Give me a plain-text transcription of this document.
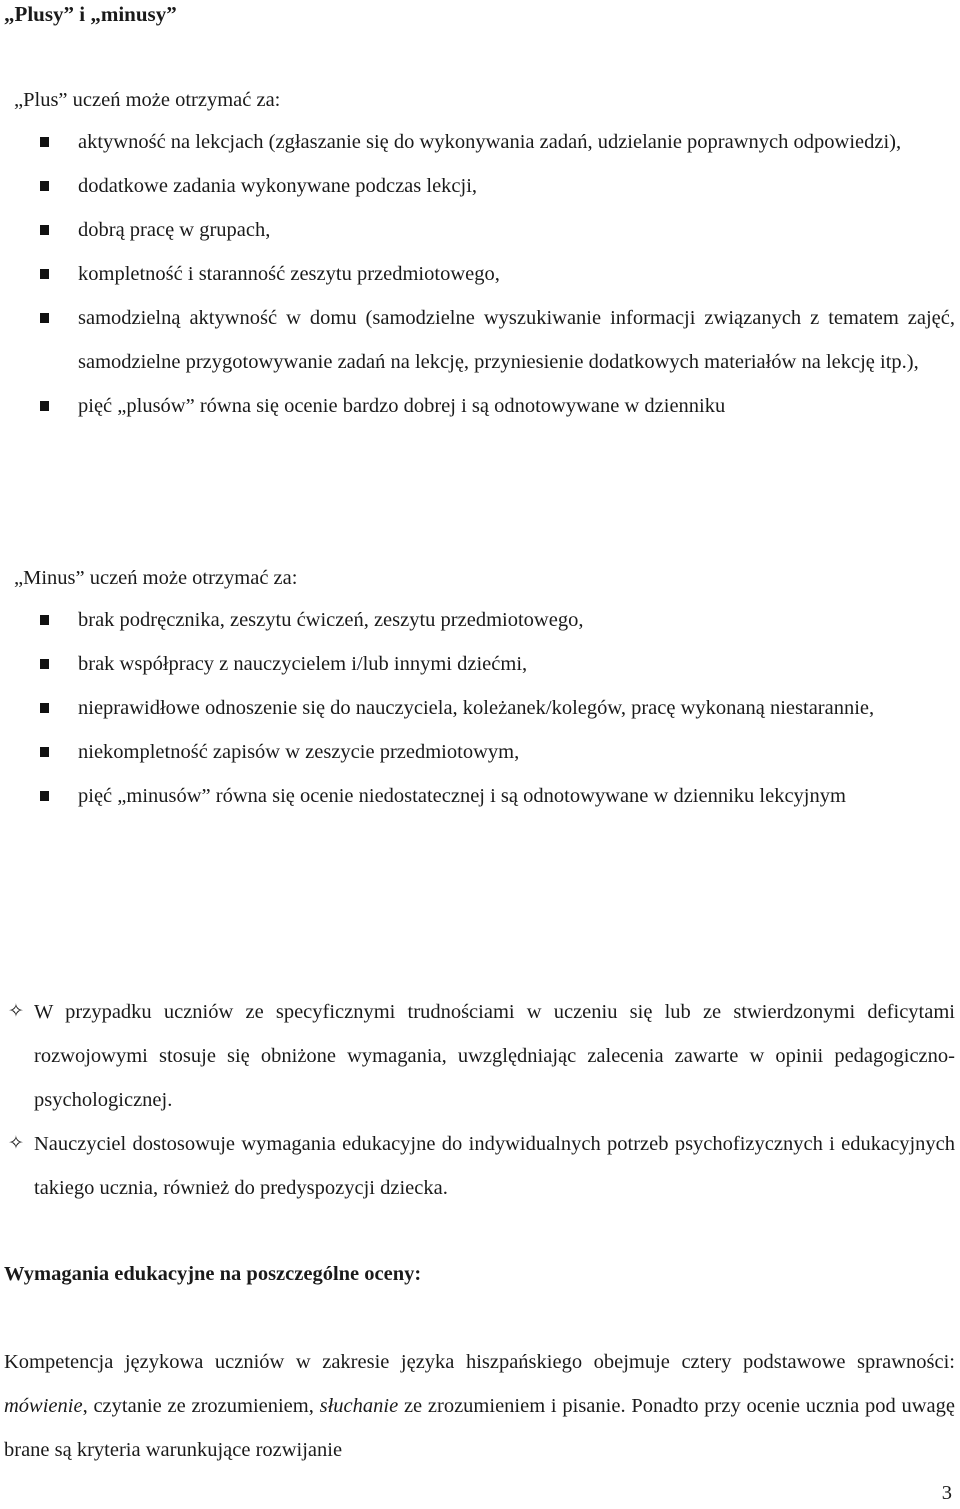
„Plusy” i „minusy”

„Plus” uczeń może otrzymać za:

aktywność na lekcjach (zgłaszanie się do wykonywania zadań, udzielanie poprawnych odpowiedzi),
dodatkowe zadania wykonywane podczas lekcji,
dobrą pracę w grupach,
kompletność i staranność zeszytu przedmiotowego,
samodzielną aktywność w domu (samodzielne wyszukiwanie informacji związanych z tematem zajęć, samodzielne przygotowywanie zadań na lekcję, przyniesienie dodatkowych materiałów na lekcję itp.),
pięć „plusów” równa się ocenie bardzo dobrej i są odnotowywane w dzienniku

„Minus” uczeń może otrzymać za:

brak podręcznika, zeszytu ćwiczeń, zeszytu przedmiotowego,
brak współpracy z nauczycielem i/lub innymi dziećmi,
nieprawidłowe odnoszenie się do nauczyciela, koleżanek/kolegów, pracę wykonaną niestarannie,
niekompletność zapisów w zeszycie przedmiotowym,
pięć „minusów” równa się ocenie niedostatecznej i są odnotowywane w dzienniku lekcyjnym

✧ W przypadku uczniów ze specyficznymi trudnościami w uczeniu się lub ze stwierdzonymi deficytami rozwojowymi stosuje się obniżone wymagania, uwzględniając zalecenia zawarte w opinii pedagogiczno-psychologicznej.

✧ Nauczyciel dostosowuje wymagania edukacyjne do indywidualnych potrzeb psychofizycznych i edukacyjnych takiego ucznia, również do predyspozycji dziecka.

Wymagania edukacyjne na poszczególne oceny:

Kompetencja językowa uczniów w zakresie języka hiszpańskiego obejmuje cztery podstawowe sprawności: mówienie, czytanie ze zrozumieniem, słuchanie ze zrozumieniem i pisanie. Ponadto przy ocenie ucznia pod uwagę brane są kryteria warunkujące rozwijanie

3
